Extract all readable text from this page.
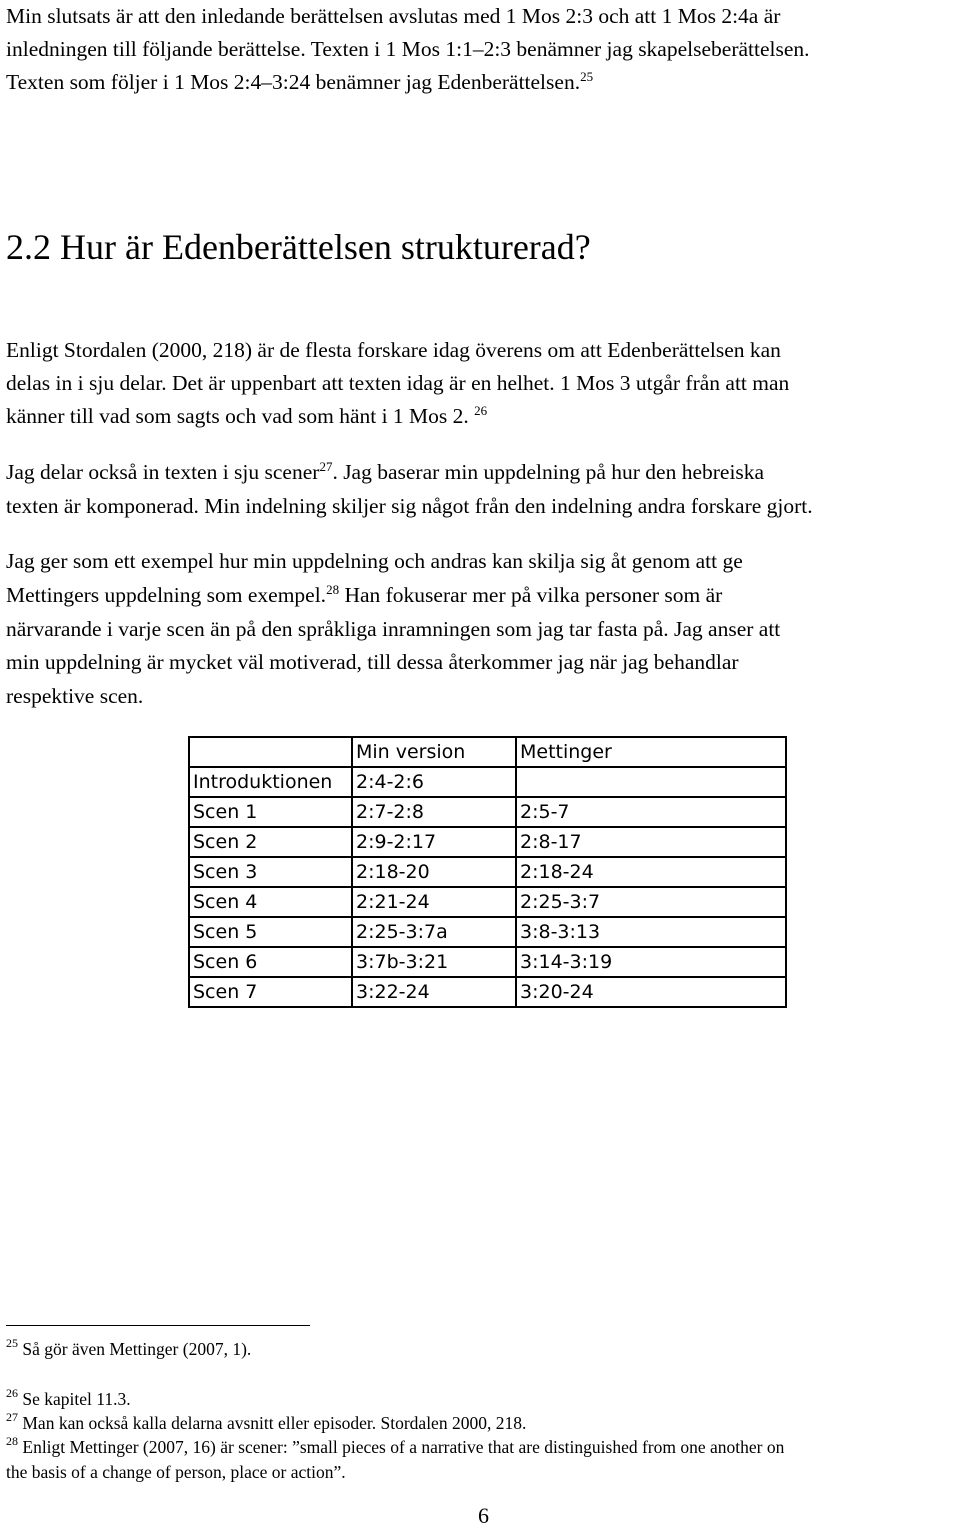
Min slutsats är att den inledande berättelsen avslutas med 1 Mos 2:3 och att 1 Mos 2:4a är
inledningen till följande berättelse. Texten i 1 Mos 1:1–2:3 benämner jag skapelseberättelsen.
Texten som följer i 1 Mos 2:4–3:24 benämner jag Edenberättelsen.$^{25}$
2.2 Hur är Edenberättelsen strukturerad?
Enligt Stordalen (2000, 218) är de flesta forskare idag överens om att Edenberättelsen kan
delas in i sju delar. Det är uppenbart att texten idag är en helhet. 1 Mos 3 utgår från att man
känner till vad som sagts och vad som hänt i 1 Mos 2. $^{26}$
Jag delar också in texten i sju scener$^{27}$. Jag baserar min uppdelning på hur den hebreiska
texten är komponerad. Min indelning skiljer sig något från den indelning andra forskare gjort.
Jag ger som ett exempel hur min uppdelning och andras kan skilja sig åt genom att ge
Mettingers uppdelning som exempel.$^{28}$ Han fokuserar mer på vilka personer som är
närvarande i varje scen än på den språkliga inramningen som jag tar fasta på. Jag anser att
min uppdelning är mycket väl motiverad, till dessa återkommer jag när jag behandlar
respektive scen.
	Min version	Mettinger
Introduktionen	2:4-2:6	
Scen 1	2:7-2:8	2:5-7
Scen 2	2:9-2:17	2:8-17
Scen 3	2:18-20	2:18-24
Scen 4	2:21-24	2:25-3:7
Scen 5	2:25-3:7a	3:8-3:13
Scen 6	3:7b-3:21	3:14-3:19
Scen 7	3:22-24	3:20-24
$^{25}$ Så gör även Mettinger (2007, 1).
$^{26}$ Se kapitel 11.3.
$^{27}$ Man kan också kalla delarna avsnitt eller episoder. Stordalen 2000, 218.
$^{28}$ Enligt Mettinger (2007, 16) är scener: ”small pieces of a narrative that are distinguished from one another on
the basis of a change of person, place or action”.
6
